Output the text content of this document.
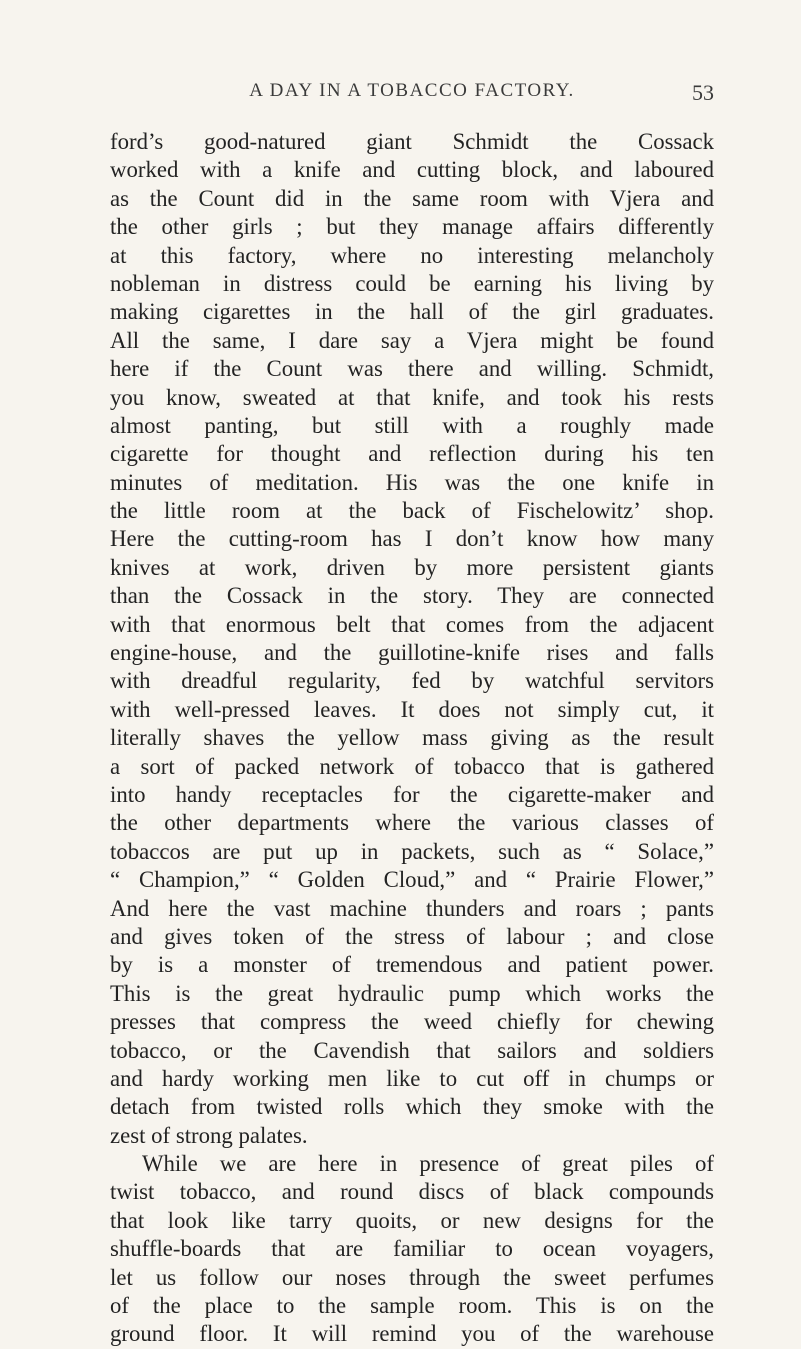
A DAY IN A TOBACCO FACTORY.	53
ford’s good-natured giant Schmidt the Cossack
worked with a knife and cutting block, and laboured
as the Count did in the same room with Vjera and
the other girls ; but they manage affairs differently
at this factory, where no interesting melancholy
nobleman in distress could be earning his living by
making cigarettes in the hall of the girl graduates.
All the same, I dare say a Vjera might be found
here if the Count was there and willing. Schmidt,
you know, sweated at that knife, and took his rests
almost panting, but still with a roughly made
cigarette for thought and reflection during his ten
minutes of meditation. His was the one knife in
the little room at the back of Fischelowitz’ shop.
Here the cutting-room has I don’t know how many
knives at work, driven by more persistent giants
than the Cossack in the story. They are connected
with that enormous belt that comes from the adjacent
engine-house, and the guillotine-knife rises and falls
with dreadful regularity, fed by watchful servitors
with well-pressed leaves. It does not simply cut, it
literally shaves the yellow mass giving as the result
a sort of packed network of tobacco that is gathered
into handy receptacles for the cigarette-maker and
the other departments where the various classes of
tobaccos are put up in packets, such as “ Solace,”
“ Champion,” “ Golden Cloud,” and “ Prairie Flower,”
And here the vast machine thunders and roars ; pants
and gives token of the stress of labour ; and close
by is a monster of tremendous and patient power.
This is the great hydraulic pump which works the
presses that compress the weed chiefly for chewing
tobacco, or the Cavendish that sailors and soldiers
and hardy working men like to cut off in chumps or
detach from twisted rolls which they smoke with the
zest of strong palates.
While we are here in presence of great piles of
twist tobacco, and round discs of black compounds
that look like tarry quoits, or new designs for the
shuffle-boards that are familiar to ocean voyagers,
let us follow our noses through the sweet perfumes
of the place to the sample room. This is on the
ground floor. It will remind you of the warehouse
